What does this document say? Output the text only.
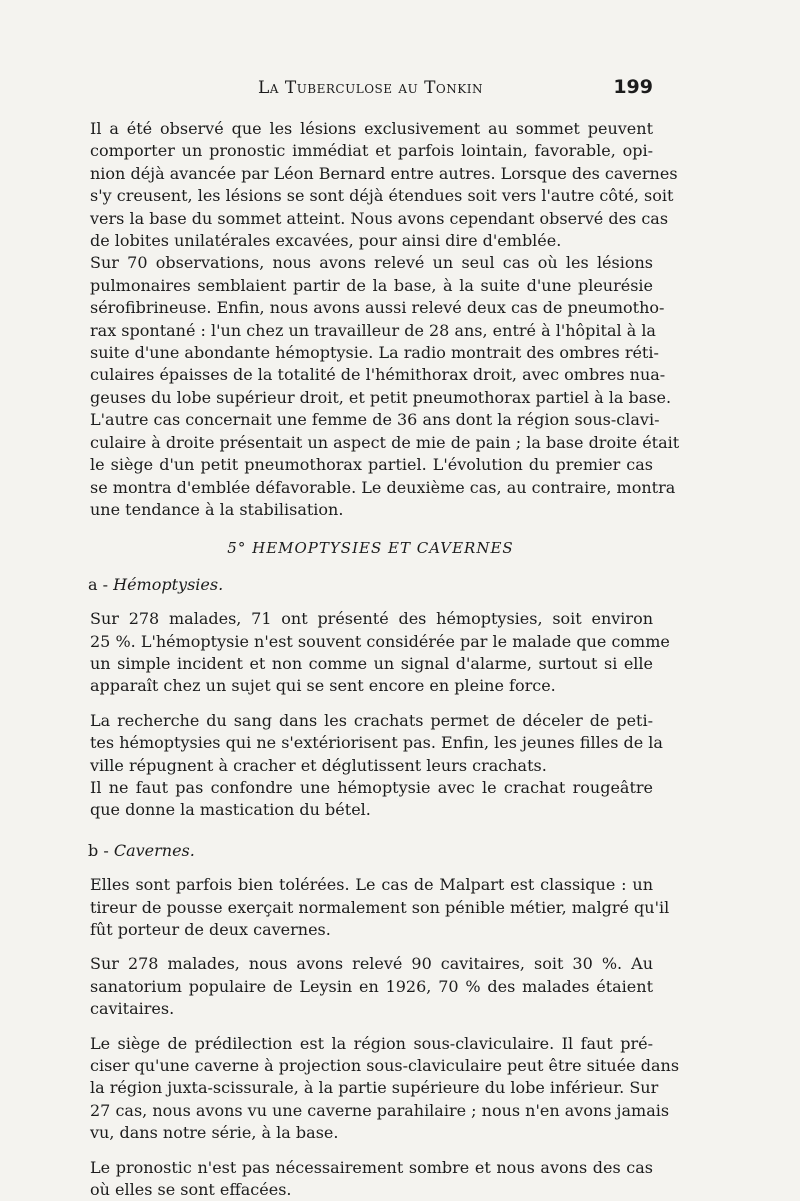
La Tuberculose au Tonkin	199

Il a été observé que les lésions exclusivement au sommet peuvent
comporter un pronostic immédiat et parfois lointain, favorable, opi-
nion déjà avancée par Léon Bernard entre autres. Lorsque des cavernes
s'y creusent, les lésions se sont déjà étendues soit vers l'autre côté, soit
vers la base du sommet atteint. Nous avons cependant observé des cas
de lobites unilatérales excavées, pour ainsi dire d'emblée.

Sur 70 observations, nous avons relevé un seul cas où les lésions
pulmonaires semblaient partir de la base, à la suite d'une pleurésie
sérofibrineuse. Enfin, nous avons aussi relevé deux cas de pneumotho-
rax spontané : l'un chez un travailleur de 28 ans, entré à l'hôpital à la
suite d'une abondante hémoptysie. La radio montrait des ombres réti-
culaires épaisses de la totalité de l'hémithorax droit, avec ombres nua-
geuses du lobe supérieur droit, et petit pneumothorax partiel à la base.
L'autre cas concernait une femme de 36 ans dont la région sous-clavi-
culaire à droite présentait un aspect de mie de pain ; la base droite était
le siège d'un petit pneumothorax partiel. L'évolution du premier cas
se montra d'emblée défavorable. Le deuxième cas, au contraire, montra
une tendance à la stabilisation.

5° HEMOPTYSIES ET CAVERNES
a - Hémoptysies.

Sur 278 malades, 71 ont présenté des hémoptysies, soit environ
25 %. L'hémoptysie n'est souvent considérée par le malade que comme
un simple incident et non comme un signal d'alarme, surtout si elle
apparaît chez un sujet qui se sent encore en pleine force.

La recherche du sang dans les crachats permet de déceler de peti-
tes hémoptysies qui ne s'extériorisent pas. Enfin, les jeunes filles de la
ville répugnent à cracher et déglutissent leurs crachats.

Il ne faut pas confondre une hémoptysie avec le crachat rougeâtre
que donne la mastication du bétel.

b - Cavernes.

Elles sont parfois bien tolérées. Le cas de Malpart est classique : un
tireur de pousse exerçait normalement son pénible métier, malgré qu'il
fût porteur de deux cavernes.

Sur 278 malades, nous avons relevé 90 cavitaires, soit 30 %. Au
sanatorium populaire de Leysin en 1926, 70 % des malades étaient
cavitaires.

Le siège de prédilection est la région sous-claviculaire. Il faut pré-
ciser qu'une caverne à projection sous-claviculaire peut être située dans
la région juxta-scissurale, à la partie supérieure du lobe inférieur. Sur
27 cas, nous avons vu une caverne parahilaire ; nous n'en avons jamais
vu, dans notre série, à la base.

Le pronostic n'est pas nécessairement sombre et nous avons des cas
où elles se sont effacées.
